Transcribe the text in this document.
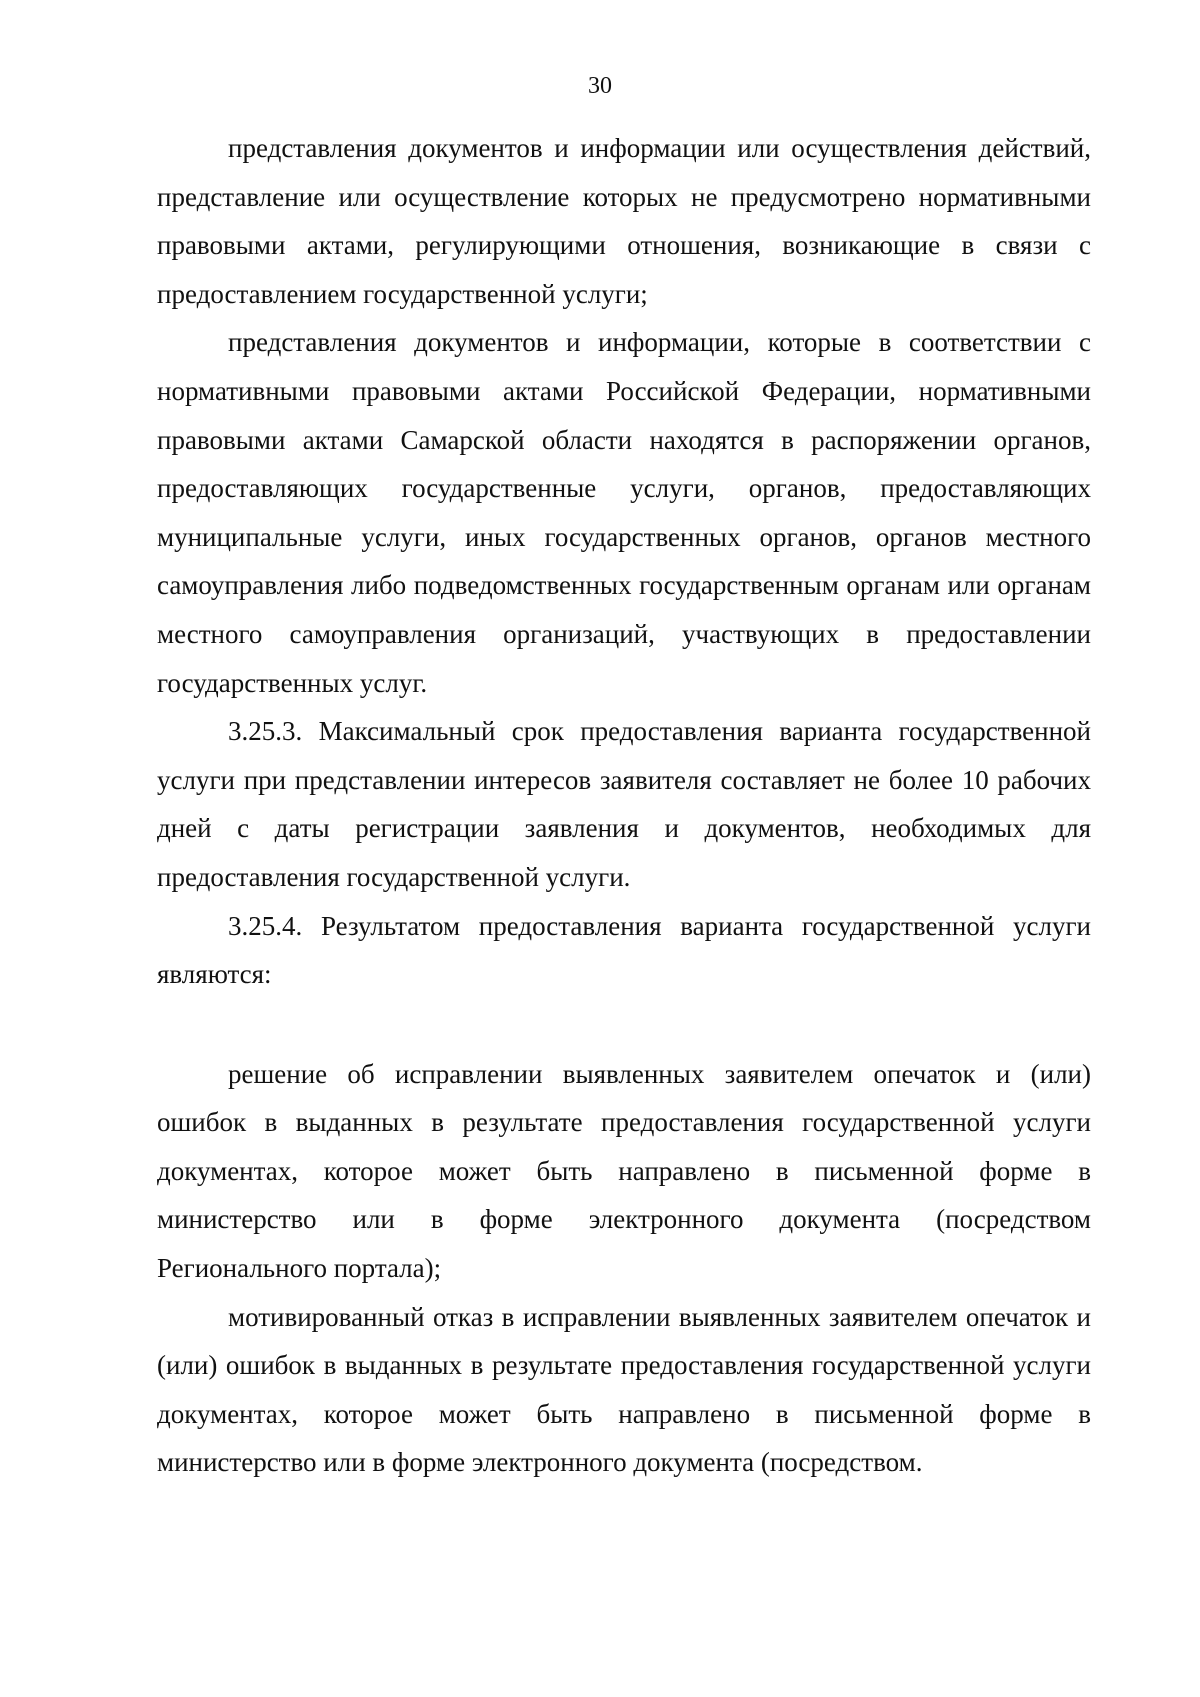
30

представления документов и информации или осуществления действий, представление или осуществление которых не предусмотрено нормативными правовыми актами, регулирующими отношения, возникающие в связи с предоставлением государственной услуги;

представления документов и информации, которые в соответствии с нормативными правовыми актами Российской Федерации, нормативными правовыми актами Самарской области находятся в распоряжении органов, предоставляющих государственные услуги, органов, предоставляющих муниципальные услуги, иных государственных органов, органов местного самоуправления либо подведомственных государственным органам или органам местного самоуправления организаций, участвующих в предоставлении государственных услуг.

3.25.3. Максимальный срок предоставления варианта государственной услуги при представлении интересов заявителя составляет не более 10 рабочих дней с даты регистрации заявления и документов, необходимых для предоставления государственной услуги.

3.25.4. Результатом предоставления варианта государственной услуги являются:

решение об исправлении выявленных заявителем опечаток и (или) ошибок в выданных в результате предоставления государственной услуги документах, которое может быть направлено в письменной форме в министерство или в форме электронного документа (посредством Регионального портала);

мотивированный отказ в исправлении выявленных заявителем опечаток и (или) ошибок в выданных в результате предоставления государственной услуги документах, которое может быть направлено в письменной форме в министерство или в форме электронного документа (посредством.
